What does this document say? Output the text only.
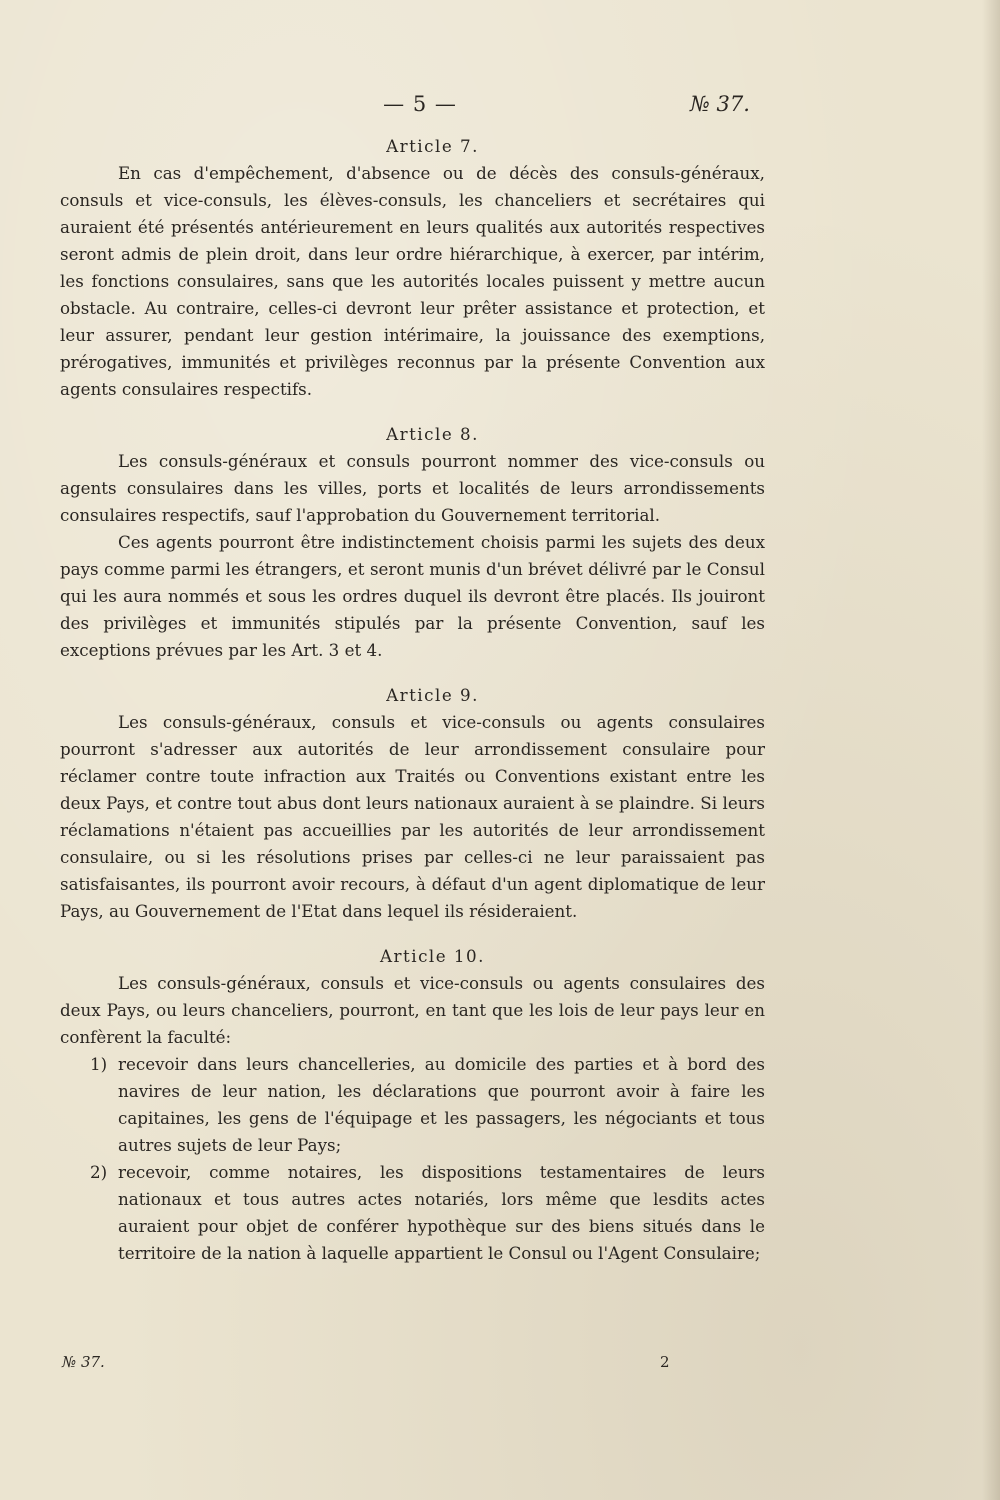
— 5 —	№ 37.

Article 7.

En cas d'empêchement, d'absence ou de décès des consuls-généraux, consuls et vice-consuls, les élèves-consuls, les chanceliers et secrétaires qui auraient été présentés antérieurement en leurs qualités aux autorités respectives seront admis de plein droit, dans leur ordre hiérarchique, à exercer, par intérim, les fonctions consulaires, sans que les autorités locales puissent y mettre aucun obstacle. Au contraire, celles-ci devront leur prêter assistance et protection, et leur assurer, pendant leur gestion intérimaire, la jouissance des exemptions, prérogatives, immunités et privilèges reconnus par la présente Convention aux agents consulaires respectifs.

Article 8.

Les consuls-généraux et consuls pourront nommer des vice-consuls ou agents consulaires dans les villes, ports et localités de leurs arrondissements consulaires respectifs, sauf l'approbation du Gouvernement territorial.

Ces agents pourront être indistinctement choisis parmi les sujets des deux pays comme parmi les étrangers, et seront munis d'un brévet délivré par le Consul qui les aura nommés et sous les ordres duquel ils devront être placés. Ils jouiront des privilèges et immunités stipulés par la présente Convention, sauf les exceptions prévues par les Art. 3 et 4.

Article 9.

Les consuls-généraux, consuls et vice-consuls ou agents consulaires pourront s'adresser aux autorités de leur arrondissement consulaire pour réclamer contre toute infraction aux Traités ou Conventions existant entre les deux Pays, et contre tout abus dont leurs nationaux auraient à se plaindre. Si leurs réclamations n'étaient pas accueillies par les autorités de leur arrondissement consulaire, ou si les résolutions prises par celles-ci ne leur paraissaient pas satisfaisantes, ils pourront avoir recours, à défaut d'un agent diplomatique de leur Pays, au Gouvernement de l'Etat dans lequel ils résideraient.

Article 10.

Les consuls-généraux, consuls et vice-consuls ou agents consulaires des deux Pays, ou leurs chanceliers, pourront, en tant que les lois de leur pays leur en confèrent la faculté:

1) recevoir dans leurs chancelleries, au domicile des parties et à bord des navires de leur nation, les déclarations que pourront avoir à faire les capitaines, les gens de l'équipage et les passagers, les négociants et tous autres sujets de leur Pays;
2) recevoir, comme notaires, les dispositions testamentaires de leurs nationaux et tous autres actes notariés, lors même que lesdits actes auraient pour objet de conférer hypothèque sur des biens situés dans le territoire de la nation à laquelle appartient le Consul ou l'Agent Consulaire;
№ 37.	2
